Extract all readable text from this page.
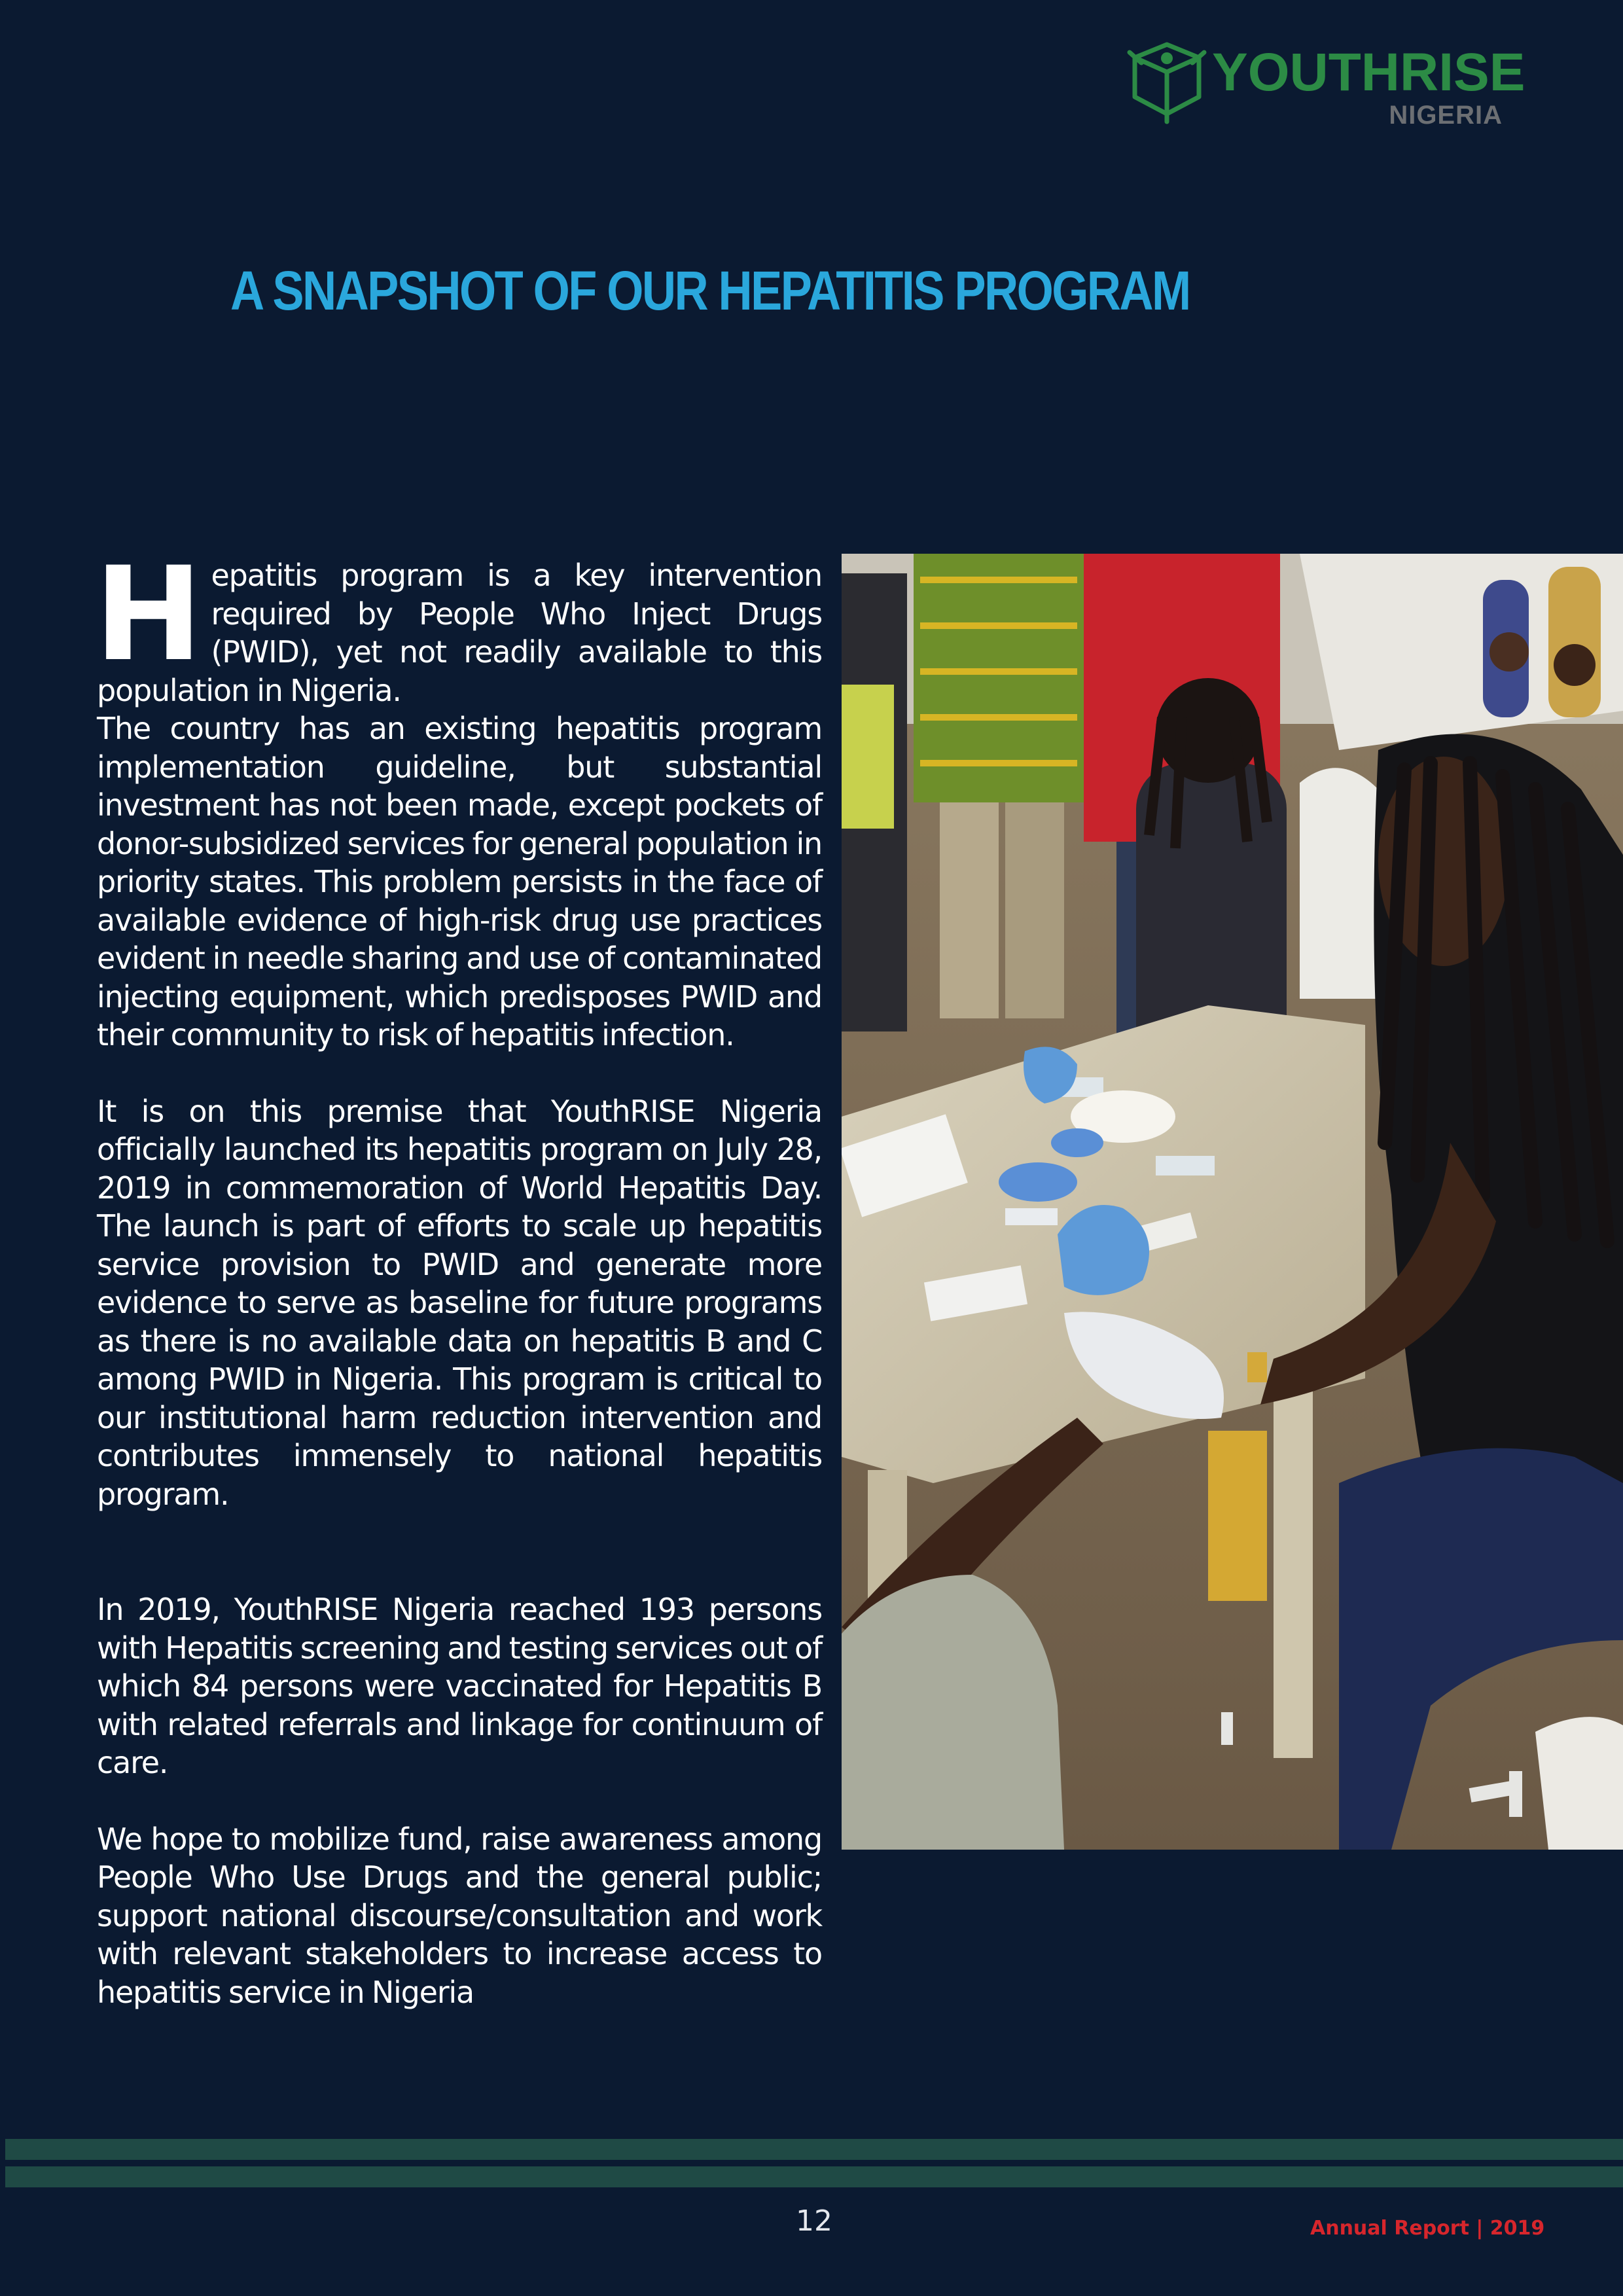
YOUTHRISE
NIGERIA
A SNAPSHOT OF OUR HEPATITIS PROGRAM

Hepatitis program is a key intervention required by People Who Inject Drugs (PWID), yet not readily available to this population in Nigeria.

The country has an existing hepatitis program implementation guideline, but substantial investment has not been made, except pockets of donor-subsidized services for general population in priority states. This problem persists in the face of available evidence of high-risk drug use practices evident in needle sharing and use of contaminated injecting equipment, which predisposes PWID and their community to risk of hepatitis infection.

It is on this premise that YouthRISE Nigeria officially launched its hepatitis program on July 28, 2019 in commemoration of World Hepatitis Day. The launch is part of efforts to scale up hepatitis service provision to PWID and generate more evidence to serve as baseline for future programs as there is no available data on hepatitis B and C among PWID in Nigeria. This program is critical to our institutional harm reduction intervention and contributes immensely to national hepatitis program.

In 2019, YouthRISE Nigeria reached 193 persons with Hepatitis screening and testing services out of which 84 persons were vaccinated for Hepatitis B with related referrals and linkage for continuum of care.

We hope to mobilize fund, raise awareness among People Who Use Drugs and the general public; support national discourse/consultation and work with relevant stakeholders to increase access to hepatitis service in Nigeria

12	Annual Report | 2019
